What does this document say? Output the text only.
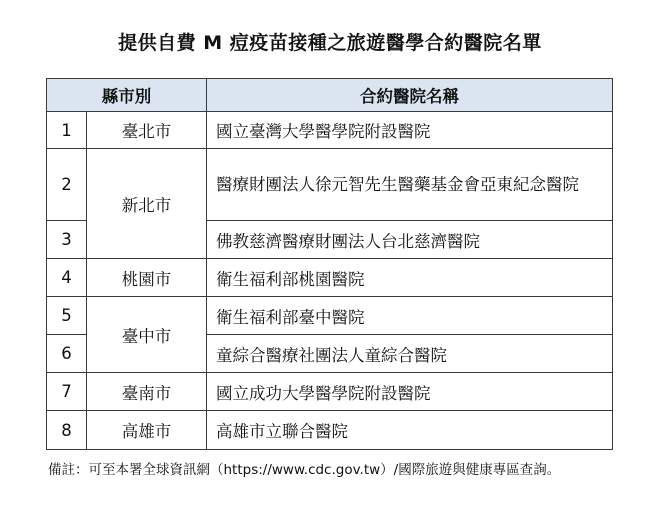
提供自費 M 痘疫苗接種之旅遊醫學合約醫院名單
縣市別		合約醫院名稱
1	臺北市	國立臺灣大學醫學院附設醫院
2	新北市	醫療財團法人徐元智先生醫藥基金會亞東紀念醫院
3		佛教慈濟醫療財團法人台北慈濟醫院
4	桃園市	衛生福利部桃園醫院
5	臺中市	衛生福利部臺中醫院
6		童綜合醫療社團法人童綜合醫院
7	臺南市	國立成功大學醫學院附設醫院
8	高雄市	高雄市立聯合醫院
備註：可至本署全球資訊網（https://www.cdc.gov.tw）/國際旅遊與健康專區查詢。
